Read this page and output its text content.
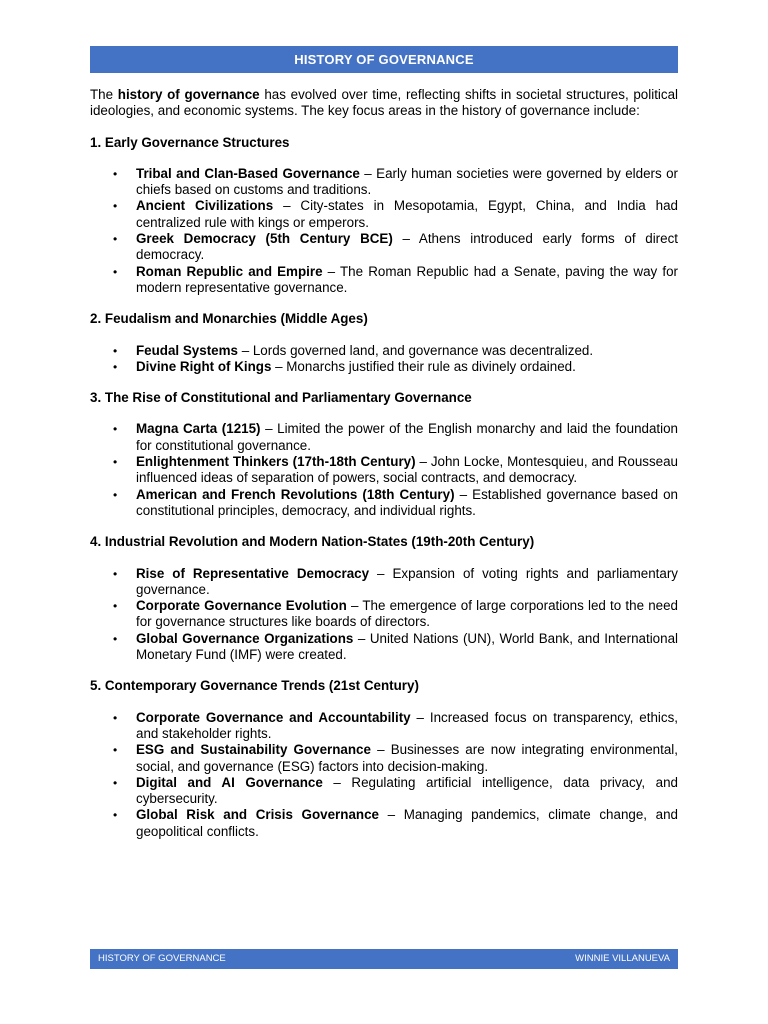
HISTORY OF GOVERNANCE

The history of governance has evolved over time, reflecting shifts in societal structures, political ideologies, and economic systems. The key focus areas in the history of governance include:

1. Early Governance Structures
• Tribal and Clan-Based Governance – Early human societies were governed by elders or chiefs based on customs and traditions.
• Ancient Civilizations – City-states in Mesopotamia, Egypt, China, and India had centralized rule with kings or emperors.
• Greek Democracy (5th Century BCE) – Athens introduced early forms of direct democracy.
• Roman Republic and Empire – The Roman Republic had a Senate, paving the way for modern representative governance.
2. Feudalism and Monarchies (Middle Ages)
• Feudal Systems – Lords governed land, and governance was decentralized.
• Divine Right of Kings – Monarchs justified their rule as divinely ordained.
3. The Rise of Constitutional and Parliamentary Governance
• Magna Carta (1215) – Limited the power of the English monarchy and laid the foundation for constitutional governance.
• Enlightenment Thinkers (17th-18th Century) – John Locke, Montesquieu, and Rousseau influenced ideas of separation of powers, social contracts, and democracy.
• American and French Revolutions (18th Century) – Established governance based on constitutional principles, democracy, and individual rights.
4. Industrial Revolution and Modern Nation-States (19th-20th Century)
• Rise of Representative Democracy – Expansion of voting rights and parliamentary governance.
• Corporate Governance Evolution – The emergence of large corporations led to the need for governance structures like boards of directors.
• Global Governance Organizations – United Nations (UN), World Bank, and International Monetary Fund (IMF) were created.
5. Contemporary Governance Trends (21st Century)
• Corporate Governance and Accountability – Increased focus on transparency, ethics, and stakeholder rights.
• ESG and Sustainability Governance – Businesses are now integrating environmental, social, and governance (ESG) factors into decision-making.
• Digital and AI Governance – Regulating artificial intelligence, data privacy, and cybersecurity.
• Global Risk and Crisis Governance – Managing pandemics, climate change, and geopolitical conflicts.
HISTORY OF GOVERNANCE	WINNIE VILLANUEVA
